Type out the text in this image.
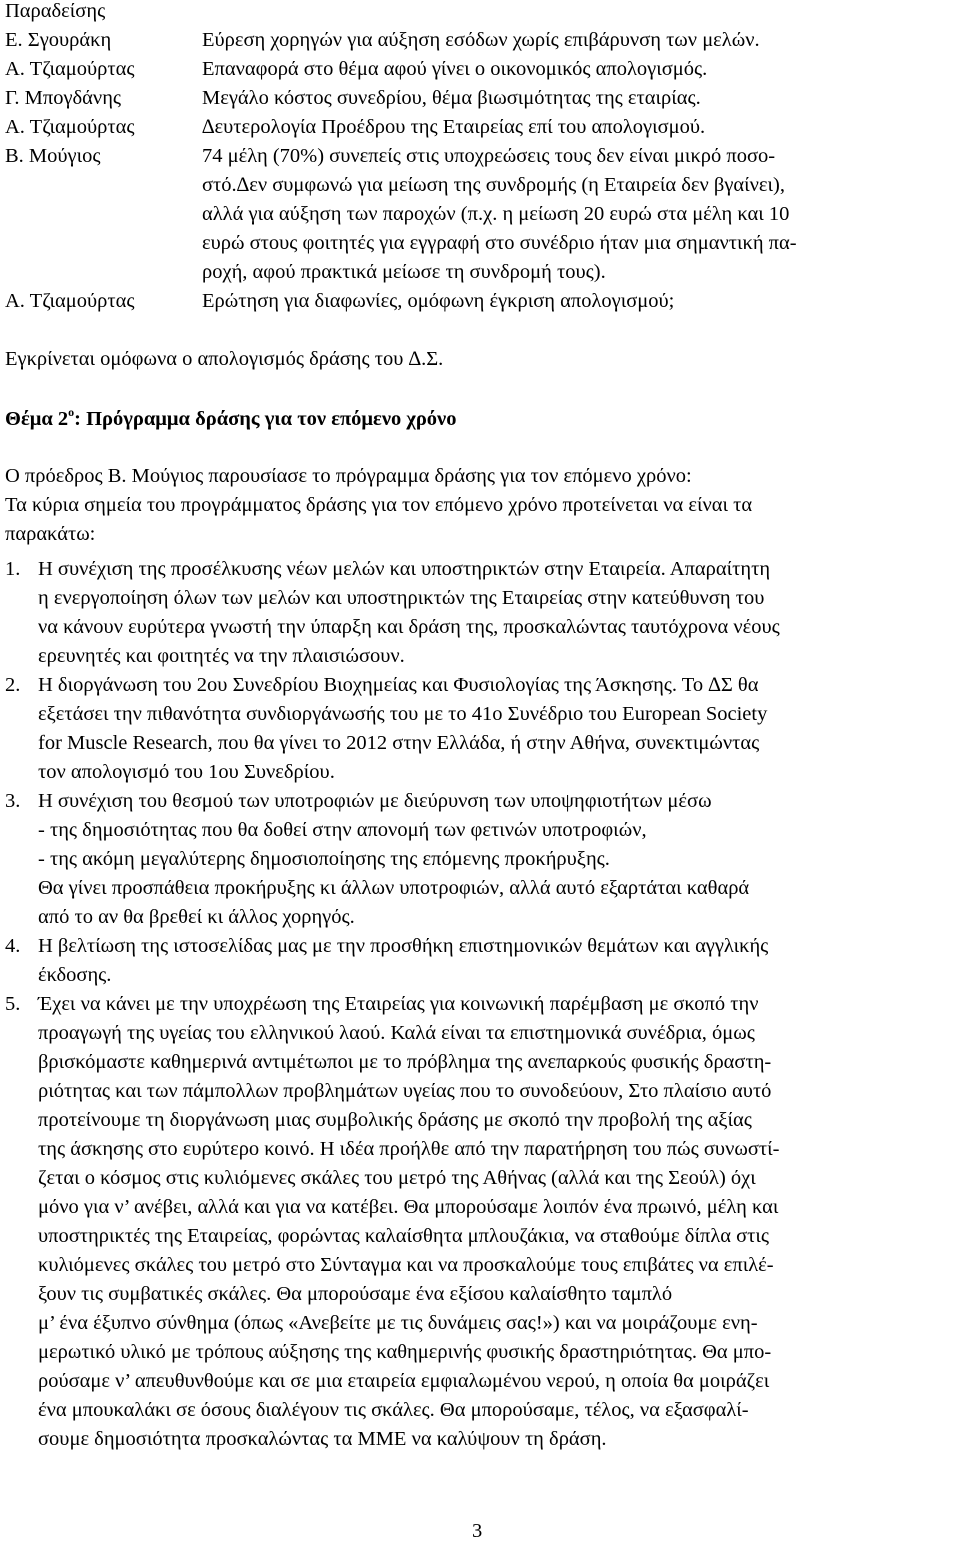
Παραδείσης
Ε. Σγουράκη	Εύρεση χορηγών για αύξηση εσόδων χωρίς επιβάρυνση των μελών.
Α. Τζιαμούρτας	Επαναφορά στο θέμα αφού γίνει ο οικονομικός απολογισμός.
Γ. Μπογδάνης	Μεγάλο κόστος συνεδρίου, θέμα βιωσιμότητας της εταιρίας.
Α. Τζιαμούρτας	∆ευτερολογία Προέδρου της Εταιρείας επί του απολογισμού.
Β. Μούγιος	74 μέλη (70%) συνεπείς στις υποχρεώσεις τους δεν είναι μικρό ποσο-
στό.∆εν συμφωνώ για μείωση της συνδρομής (η Εταιρεία δεν βγαίνει),
αλλά για αύξηση των παροχών (π.χ. η μείωση 20 ευρώ στα μέλη και 10
ευρώ στους φοιτητές για εγγραφή στο συνέδριο ήταν μια σημαντική πα-
ροχή, αφού πρακτικά μείωσε τη συνδρομή τους).
Α. Τζιαμούρτας	Ερώτηση για διαφωνίες, ομόφωνη έγκριση απολογισμού;
Εγκρίνεται ομόφωνα ο απολογισμός δράσης του ∆.Σ.
Θέμα $2^o$: Πρόγραμμα δράσης για τον επόμενο χρόνο
Ο πρόεδρος Β. Μούγιος παρουσίασε το πρόγραμμα δράσης για τον επόμενο χρόνο:
Τα κύρια σημεία του προγράμματος δράσης για τον επόμενο χρόνο προτείνεται να είναι τα
παρακάτω:
1. Η συνέχιση της προσέλκυσης νέων μελών και υποστηρικτών στην Εταιρεία. Απαραίτητη
η ενεργοποίηση όλων των μελών και υποστηρικτών της Εταιρείας στην κατεύθυνση του
να κάνουν ευρύτερα γνωστή την ύπαρξη και δράση της, προσκαλώντας ταυτόχρονα νέους
ερευνητές και φοιτητές να την πλαισιώσουν.
2. Η διοργάνωση του 2ου Συνεδρίου Βιοχημείας και Φυσιολογίας της Άσκησης. Το ∆Σ θα
εξετάσει την πιθανότητα συνδιοργάνωσής του με το 41ο Συνέδριο του European Society
for Muscle Research, που θα γίνει το 2012 στην Ελλάδα, ή στην Αθήνα, συνεκτιμώντας
τον απολογισμό του 1ου Συνεδρίου.
3. Η συνέχιση του θεσμού των υποτροφιών με διεύρυνση των υποψηφιοτήτων μέσω
- της δημοσιότητας που θα δοθεί στην απονομή των φετινών υποτροφιών,
- της ακόμη μεγαλύτερης δημοσιοποίησης της επόμενης προκήρυξης.
Θα γίνει προσπάθεια προκήρυξης κι άλλων υποτροφιών, αλλά αυτό εξαρτάται καθαρά
από το αν θα βρεθεί κι άλλος χορηγός.
4. Η βελτίωση της ιστοσελίδας μας με την προσθήκη επιστημονικών θεμάτων και αγγλικής
έκδοσης.
5. Έχει να κάνει με την υποχρέωση της Εταιρείας για κοινωνική παρέμβαση με σκοπό την
προαγωγή της υγείας του ελληνικού λαού. Καλά είναι τα επιστημονικά συνέδρια, όμως
βρισκόμαστε καθημερινά αντιμέτωποι με το πρόβλημα της ανεπαρκούς φυσικής δραστη-
ριότητας και των πάμπολλων προβλημάτων υγείας που το συνοδεύουν, Στο πλαίσιο αυτό
προτείνουμε τη διοργάνωση μιας συμβολικής δράσης με σκοπό την προβολή της αξίας
της άσκησης στο ευρύτερο κοινό. Η ιδέα προήλθε από την παρατήρηση του πώς συνωστί-
ζεται ο κόσμος στις κυλιόμενες σκάλες του μετρό της Αθήνας (αλλά και της Σεούλ) όχι
μόνο για ν’ ανέβει, αλλά και για να κατέβει. Θα μπορούσαμε λοιπόν ένα πρωινό, μέλη και
υποστηρικτές της Εταιρείας, φορώντας καλαίσθητα μπλουζάκια, να σταθούμε δίπλα στις
κυλιόμενες σκάλες του μετρό στο Σύνταγμα και να προσκαλούμε τους επιβάτες να επιλέ-
ξουν τις συμβατικές σκάλες. Θα μπορούσαμε ένα εξίσου καλαίσθητο ταμπλό
μ’ ένα έξυπνο σύνθημα (όπως «Ανεβείτε με τις δυνάμεις σας!») και να μοιράζουμε ενη-
μερωτικό υλικό με τρόπους αύξησης της καθημερινής φυσικής δραστηριότητας. Θα μπο-
ρούσαμε ν’ απευθυνθούμε και σε μια εταιρεία εμφιαλωμένου νερού, η οποία θα μοιράζει
ένα μπουκαλάκι σε όσους διαλέγουν τις σκάλες. Θα μπορούσαμε, τέλος, να εξασφαλί-
σουμε δημοσιότητα προσκαλώντας τα ΜΜΕ να καλύψουν τη δράση.
3
